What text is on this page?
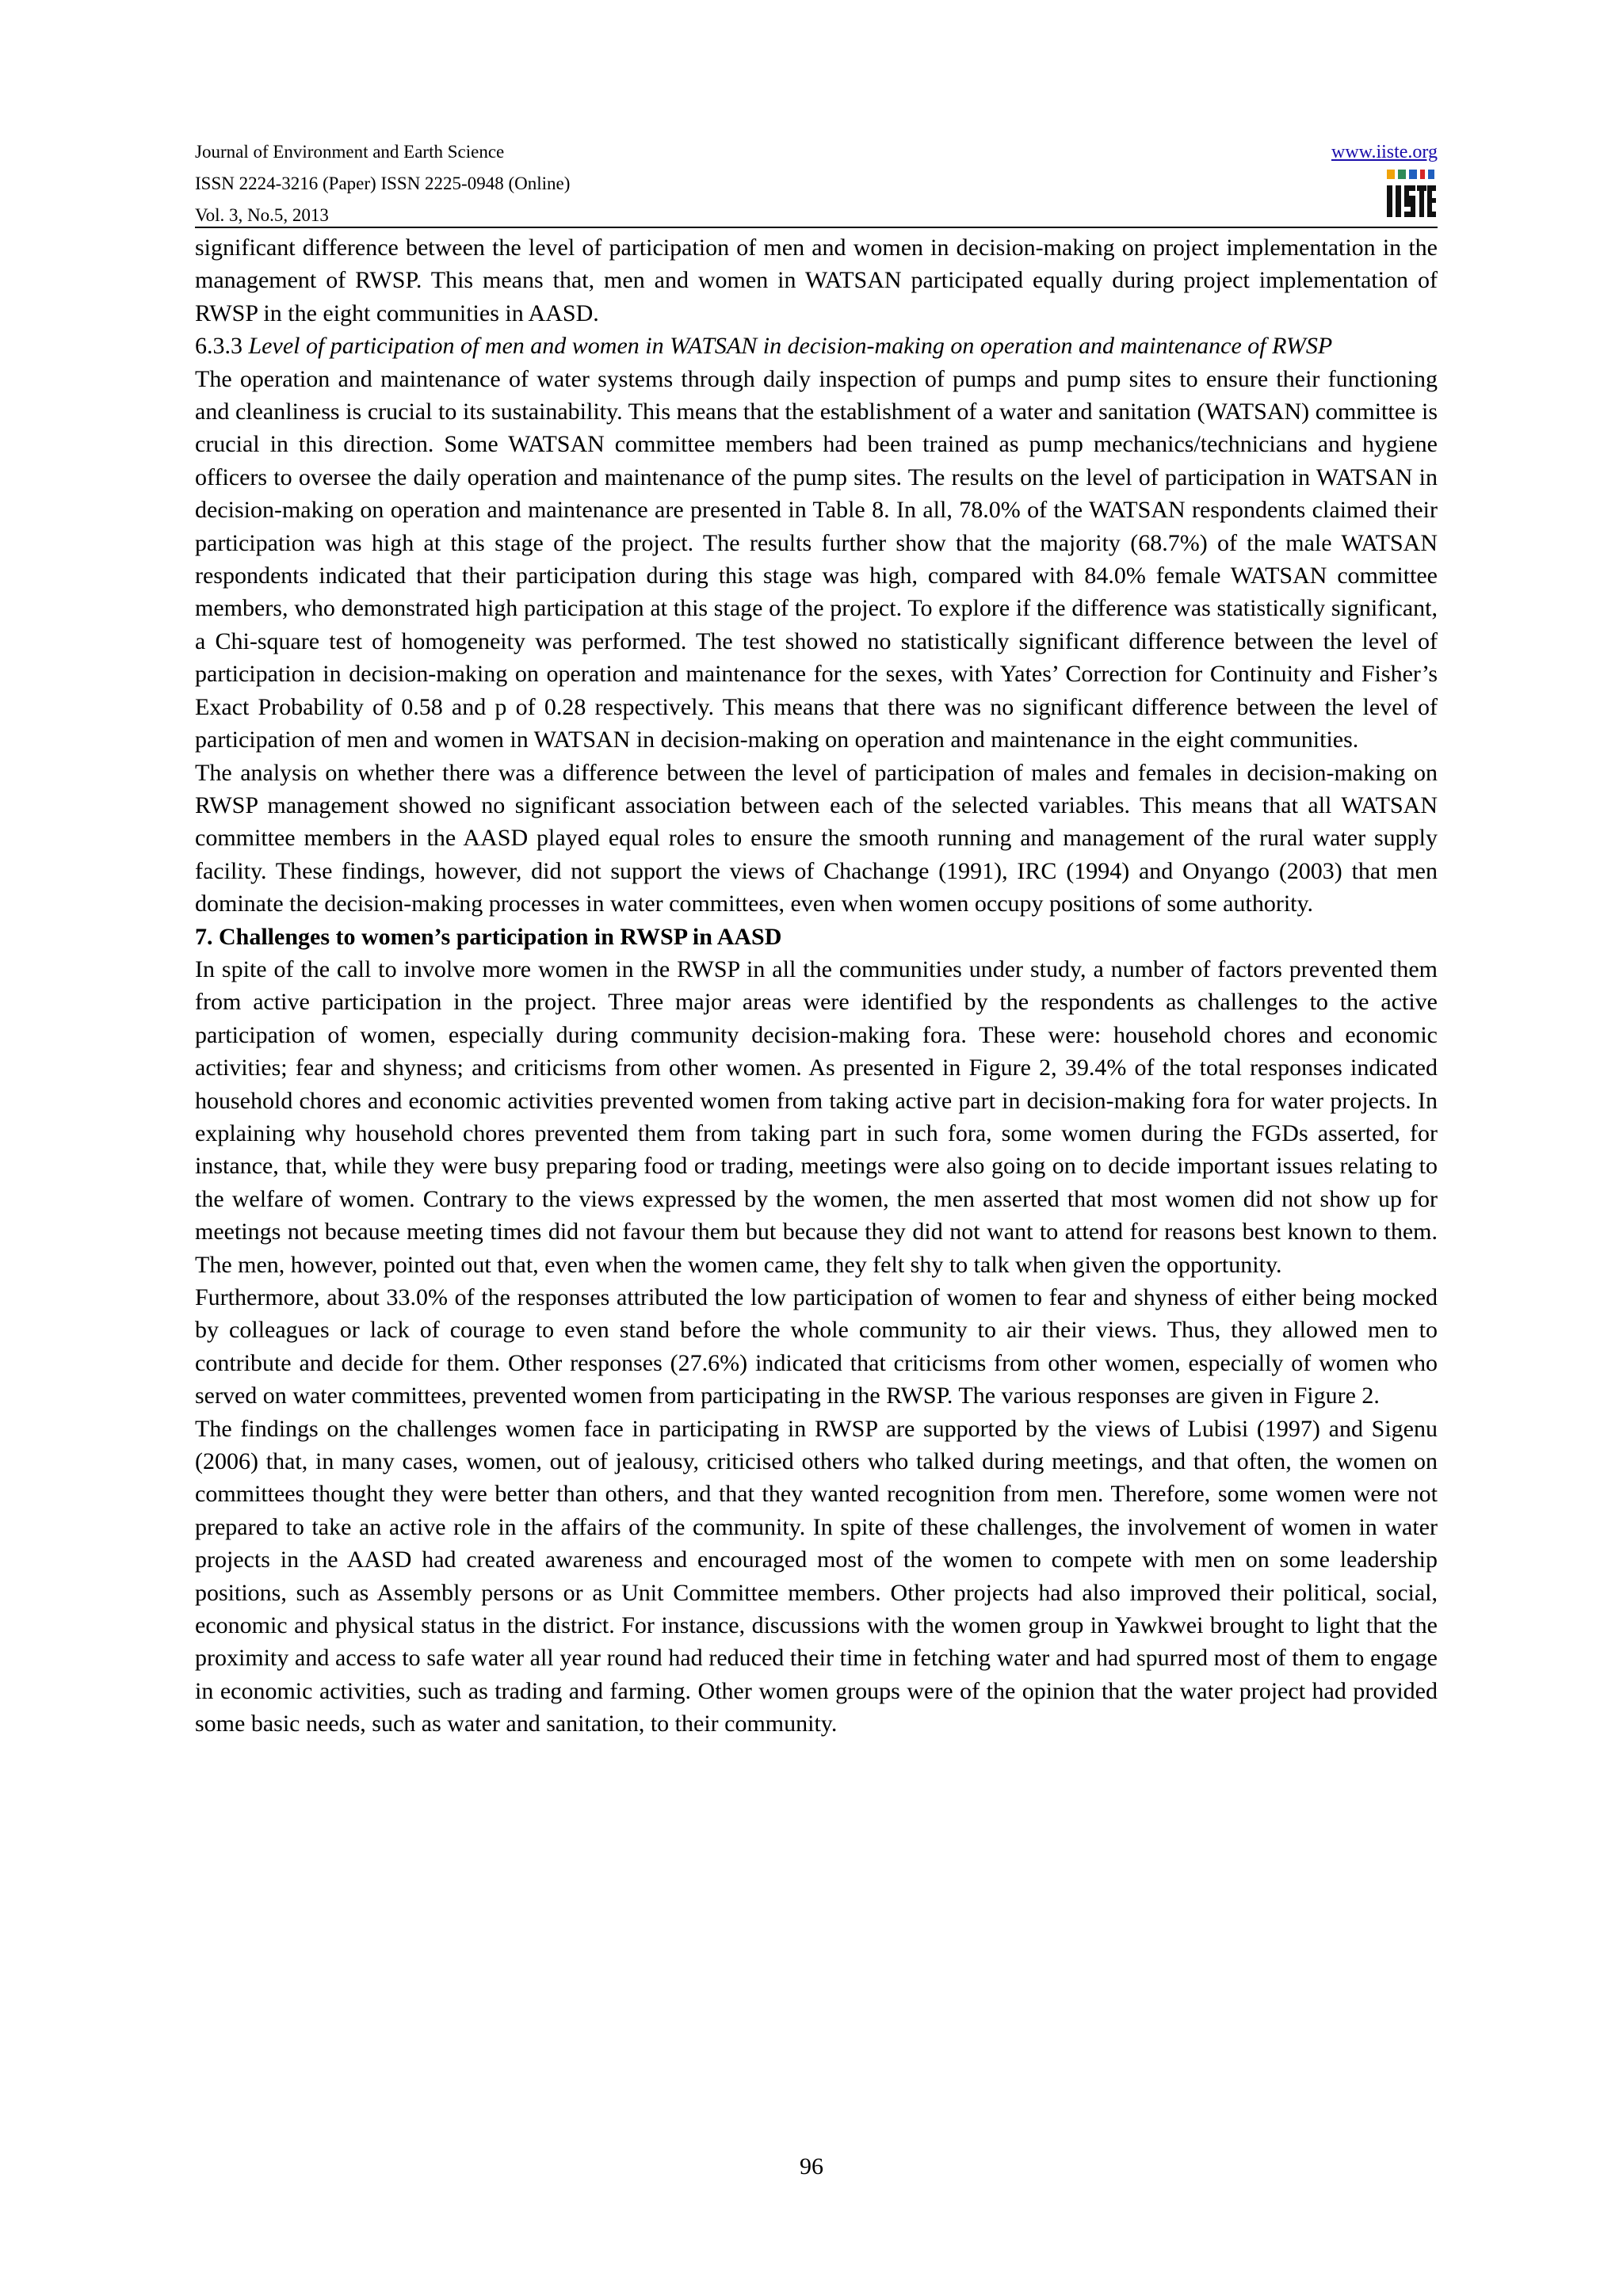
Journal of Environment and Earth Science
ISSN 2224-3216 (Paper) ISSN 2225-0948 (Online)
Vol. 3, No.5, 2013
www.iiste.org

significant difference between the level of participation of men and women in decision-making on project implementation in the management of RWSP. This means that, men and women in WATSAN participated equally during project implementation of RWSP in the eight communities in AASD.

6.3.3 Level of participation of men and women in WATSAN in decision-making on operation and maintenance of RWSP

The operation and maintenance of water systems through daily inspection of pumps and pump sites to ensure their functioning and cleanliness is crucial to its sustainability. This means that the establishment of a water and sanitation (WATSAN) committee is crucial in this direction. Some WATSAN committee members had been trained as pump mechanics/technicians and hygiene officers to oversee the daily operation and maintenance of the pump sites. The results on the level of participation in WATSAN in decision-making on operation and maintenance are presented in Table 8. In all, 78.0% of the WATSAN respondents claimed their participation was high at this stage of the project. The results further show that the majority (68.7%) of the male WATSAN respondents indicated that their participation during this stage was high, compared with 84.0% female WATSAN committee members, who demonstrated high participation at this stage of the project. To explore if the difference was statistically significant, a Chi-square test of homogeneity was performed. The test showed no statistically significant difference between the level of participation in decision-making on operation and maintenance for the sexes, with Yates’ Correction for Continuity and Fisher’s Exact Probability of 0.58 and p of 0.28 respectively. This means that there was no significant difference between the level of participation of men and women in WATSAN in decision-making on operation and maintenance in the eight communities.

The analysis on whether there was a difference between the level of participation of males and females in decision-making on RWSP management showed no significant association between each of the selected variables. This means that all WATSAN committee members in the AASD played equal roles to ensure the smooth running and management of the rural water supply facility. These findings, however, did not support the views of Chachange (1991), IRC (1994) and Onyango (2003) that men dominate the decision-making processes in water committees, even when women occupy positions of some authority.

7. Challenges to women’s participation in RWSP in AASD

In spite of the call to involve more women in the RWSP in all the communities under study, a number of factors prevented them from active participation in the project. Three major areas were identified by the respondents as challenges to the active participation of women, especially during community decision-making fora. These were: household chores and economic activities; fear and shyness; and criticisms from other women. As presented in Figure 2, 39.4% of the total responses indicated household chores and economic activities prevented women from taking active part in decision-making fora for water projects. In explaining why household chores prevented them from taking part in such fora, some women during the FGDs asserted, for instance, that, while they were busy preparing food or trading, meetings were also going on to decide important issues relating to the welfare of women. Contrary to the views expressed by the women, the men asserted that most women did not show up for meetings not because meeting times did not favour them but because they did not want to attend for reasons best known to them. The men, however, pointed out that, even when the women came, they felt shy to talk when given the opportunity.

Furthermore, about 33.0% of the responses attributed the low participation of women to fear and shyness of either being mocked by colleagues or lack of courage to even stand before the whole community to air their views. Thus, they allowed men to contribute and decide for them. Other responses (27.6%) indicated that criticisms from other women, especially of women who served on water committees, prevented women from participating in the RWSP. The various responses are given in Figure 2.

The findings on the challenges women face in participating in RWSP are supported by the views of Lubisi (1997) and Sigenu (2006) that, in many cases, women, out of jealousy, criticised others who talked during meetings, and that often, the women on committees thought they were better than others, and that they wanted recognition from men. Therefore, some women were not prepared to take an active role in the affairs of the community. In spite of these challenges, the involvement of women in water projects in the AASD had created awareness and encouraged most of the women to compete with men on some leadership positions, such as Assembly persons or as Unit Committee members. Other projects had also improved their political, social, economic and physical status in the district. For instance, discussions with the women group in Yawkwei brought to light that the proximity and access to safe water all year round had reduced their time in fetching water and had spurred most of them to engage in economic activities, such as trading and farming. Other women groups were of the opinion that the water project had provided some basic needs, such as water and sanitation, to their community.

96
